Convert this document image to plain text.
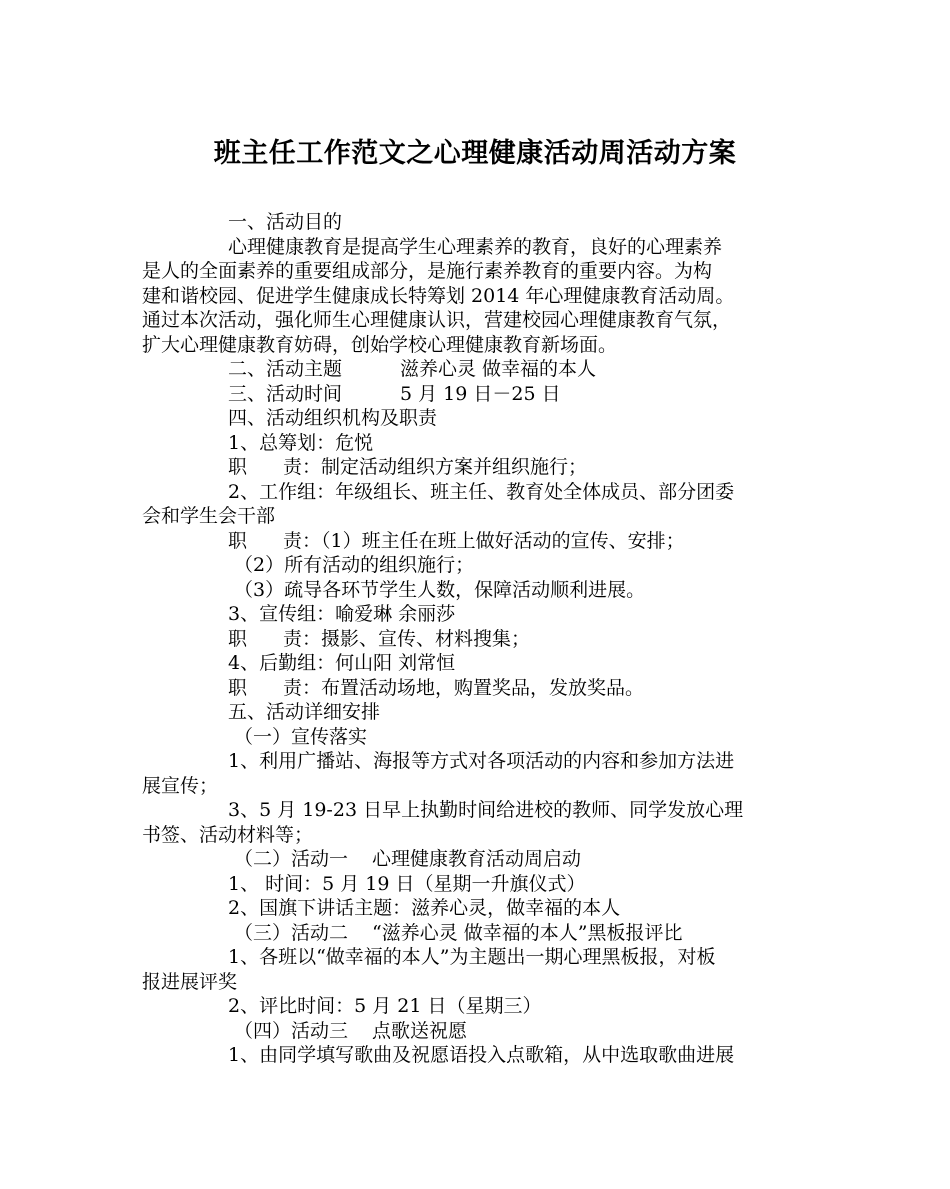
班主任工作范文之心理健康活动周活动方案
一、活动目的
心理健康教育是提高学生心理素养的教育，良好的心理素养
是人的全面素养的重要组成部分，是施行素养教育的重要内容。为构
建和谐校园、促进学生健康成长特筹划 2014 年心理健康教育活动周。
通过本次活动，强化师生心理健康认识，营建校园心理健康教育气氛，
扩大心理健康教育妨碍，创始学校心理健康教育新场面。
二、活动主题	滋养心灵 做幸福的本人
三、活动时间	5 月 19 日－25 日
四、活动组织机构及职责
1、总筹划：危悦
职 责：制定活动组织方案并组织施行；
2、工作组：年级组长、班主任、教育处全体成员、部分团委
会和学生会干部
职 责：（1）班主任在班上做好活动的宣传、安排；
（2）所有活动的组织施行；
（3）疏导各环节学生人数，保障活动顺利进展。
3、宣传组：喻爱琳 余丽莎
职 责：摄影、宣传、材料搜集；
4、后勤组：何山阳 刘常恒
职 责：布置活动场地，购置奖品，发放奖品。
五、活动详细安排
（一）宣传落实
1、利用广播站、海报等方式对各项活动的内容和参加方法进
展宣传；
3、5 月 19-23 日早上执勤时间给进校的教师、同学发放心理
书签、活动材料等；
（二）活动一 心理健康教育活动周启动
1、 时间：5 月 19 日（星期一升旗仪式）
2、国旗下讲话主题：滋养心灵，做幸福的本人
（三）活动二 “滋养心灵 做幸福的本人”黑板报评比
1、各班以“做幸福的本人”为主题出一期心理黑板报，对板
报进展评奖
2、评比时间：5 月 21 日（星期三）
（四）活动三 点歌送祝愿
1、由同学填写歌曲及祝愿语投入点歌箱，从中选取歌曲进展
